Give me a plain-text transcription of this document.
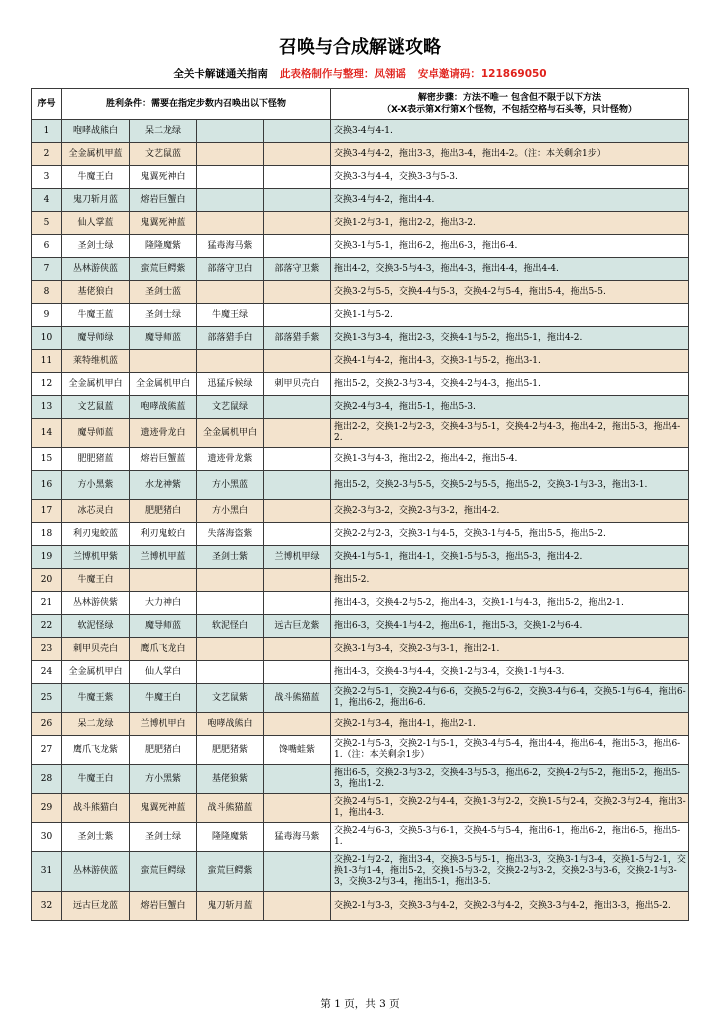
召唤与合成解谜攻略
全关卡解谜通关指南 此表格制作与整理：凤翎谣 安卓邀请码：121869050
序号	胜利条件：需要在指定步数内召唤出以下怪物				解密步骤：方法不唯一 包含但不限于以下方法
（X-X表示第X行第X个怪物，不包括空格与石头等，只计怪物）

1	咆哮战熊白	呆二龙绿			交换3-4与4-1.
2	全金属机甲蓝	文艺鼠蓝			交换3-4与4-2，拖出3-3，拖出3-4，拖出4-2。（注：本关剩余1步）
3	牛魔王白	鬼翼死神白			交换3-3与4-4，交换3-3与5-3.
4	鬼刀斩月蓝	熔岩巨蟹白			交换3-4与4-2，拖出4-4.
5	仙人掌蓝	鬼翼死神蓝			交换1-2与3-1，拖出2-2，拖出3-2.
6	圣剑士绿	隆隆魔紫	猛毒海马紫		交换3-1与5-1，拖出6-2，拖出6-3，拖出6-4.
7	丛林游侠蓝	蛮荒巨鳄紫	部落守卫白	部落守卫紫	拖出4-2，交换3-5与4-3，拖出4-3，拖出4-4，拖出4-4.
8	基佬狼白	圣剑士蓝			交换3-2与5-5，交换4-4与5-3，交换4-2与5-4，拖出5-4，拖出5-5.
9	牛魔王蓝	圣剑士绿	牛魔王绿		交换1-1与5-2.
10	魔导师绿	魔导师蓝	部落猎手白	部落猎手紫	交换1-3与3-4，拖出2-3，交换4-1与5-2，拖出5-1，拖出4-2.
11	莱特维机蓝				交换4-1与4-2，拖出4-3，交换3-1与5-2，拖出3-1.
12	全金属机甲白	全金属机甲白	迅猛斥候绿	刺甲贝壳白	拖出5-2，交换2-3与3-4，交换4-2与4-3，拖出5-1.
13	文艺鼠蓝	咆哮战熊蓝	文艺鼠绿		交换2-4与3-4，拖出5-1，拖出5-3.
14	魔导师蓝	遗迹骨龙白	全金属机甲白		拖出2-2，交换1-2与2-3，交换4-3与5-1，交换4-2与4-3，拖出4-2，拖出5-3，拖出4-2.
15	肥肥猪蓝	熔岩巨蟹蓝	遗迹骨龙紫		交换1-3与4-3，拖出2-2，拖出4-2，拖出5-4.
16	方小黑紫	水龙神紫	方小黑蓝		拖出5-2，交换2-3与5-5，交换5-2与5-5，拖出5-2，交换3-1与3-3，拖出3-1.
17	冰芯灵白	肥肥猪白	方小黑白		交换2-3与3-2，交换2-3与3-2，拖出4-2.
18	利刃鬼蛟蓝	利刃鬼蛟白	失落海盗紫		交换2-2与2-3，交换3-1与4-5，交换3-1与4-5，拖出5-5，拖出5-2.
19	兰博机甲紫	兰博机甲蓝	圣剑士紫	兰博机甲绿	交换4-1与5-1，拖出4-1，交换1-5与5-3，拖出5-3，拖出4-2.
20	牛魔王白				拖出5-2.
21	丛林游侠紫	大力神白			拖出4-3，交换4-2与5-2，拖出4-3，交换1-1与4-3，拖出5-2，拖出2-1.
22	软泥怪绿	魔导师蓝	软泥怪白	远古巨龙紫	拖出6-3，交换4-1与4-2，拖出6-1，拖出5-3，交换1-2与6-4.
23	刺甲贝壳白	鹰爪飞龙白			交换3-1与3-4，交换2-3与3-1，拖出2-1.
24	全金属机甲白	仙人掌白			拖出4-3，交换4-3与4-4，交换1-2与3-4，交换1-1与4-3.
25	牛魔王紫	牛魔王白	文艺鼠紫	战斗熊猫蓝	交换2-2与5-1，交换2-4与6-6，交换5-2与6-2，交换3-4与6-4，交换5-1与6-4，拖出6-1，拖出6-2，拖出6-6.
26	呆二龙绿	兰博机甲白	咆哮战熊白		交换2-1与3-4，拖出4-1，拖出2-1.
27	鹰爪飞龙紫	肥肥猪白	肥肥猪紫	馋嘴蛙紫	交换2-1与5-3，交换2-1与5-1，交换3-4与5-4，拖出4-4，拖出6-4，拖出5-3，拖出6-1.（注：本关剩余1步）
28	牛魔王白	方小黑紫	基佬狼紫		拖出6-5，交换2-3与3-2，交换4-3与5-3，拖出6-2，交换4-2与5-2，拖出5-2，拖出5-3，拖出1-2.
29	战斗熊猫白	鬼翼死神蓝	战斗熊猫蓝		交换2-4与5-1，交换2-2与4-4，交换1-3与2-2，交换1-5与2-4，交换2-3与2-4，拖出3-1，拖出4-3.
30	圣剑士紫	圣剑士绿	隆隆魔紫	猛毒海马紫	交换2-4与6-3，交换5-3与6-1，交换4-5与5-4，拖出6-1，拖出6-2，拖出6-5，拖出5-1.
31	丛林游侠蓝	蛮荒巨鳄绿	蛮荒巨鳄紫		交换2-1与2-2，拖出3-4，交换3-5与5-1，拖出3-3，交换3-1与3-4，交换1-5与2-1，交换1-3与1-4，拖出5-2，交换1-5与3-2，交换2-2与3-2，交换2-3与3-6，交换2-1与3-3，交换3-2与3-4，拖出5-1，拖出3-5.
32	远古巨龙蓝	熔岩巨蟹白	鬼刀斩月蓝		交换2-1与3-3，交换3-3与4-2，交换2-3与4-2，交换3-3与4-2，拖出3-3，拖出5-2.
第 1 页，共 3 页
